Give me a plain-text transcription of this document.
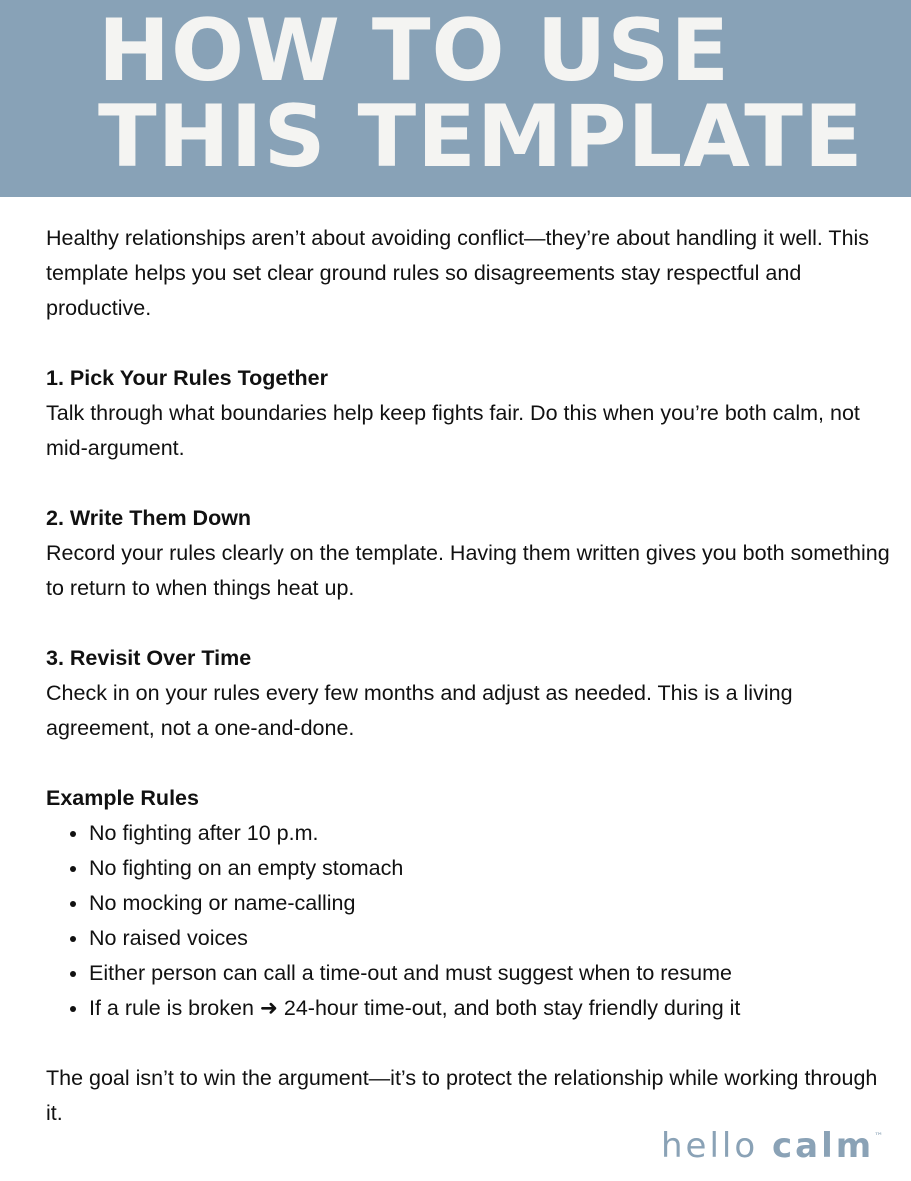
HOW TO USE
THIS TEMPLATE

Healthy relationships aren’t about avoiding conflict—they’re about handling it well. This template helps you set clear ground rules so disagreements stay respectful and productive.

1. Pick Your Rules Together

Talk through what boundaries help keep fights fair. Do this when you’re both calm, not mid-argument.

2. Write Them Down

Record your rules clearly on the template. Having them written gives you both something to return to when things heat up.

3. Revisit Over Time

Check in on your rules every few months and adjust as needed. This is a living agreement, not a one-and-done.

Example Rules
• No fighting after 10 p.m.
• No fighting on an empty stomach
• No mocking or name-calling
• No raised voices
• Either person can call a time-out and must suggest when to resume
• If a rule is broken ➜ 24-hour time-out, and both stay friendly during it

The goal isn’t to win the argument—it’s to protect the relationship while working through it.

hello calm™
